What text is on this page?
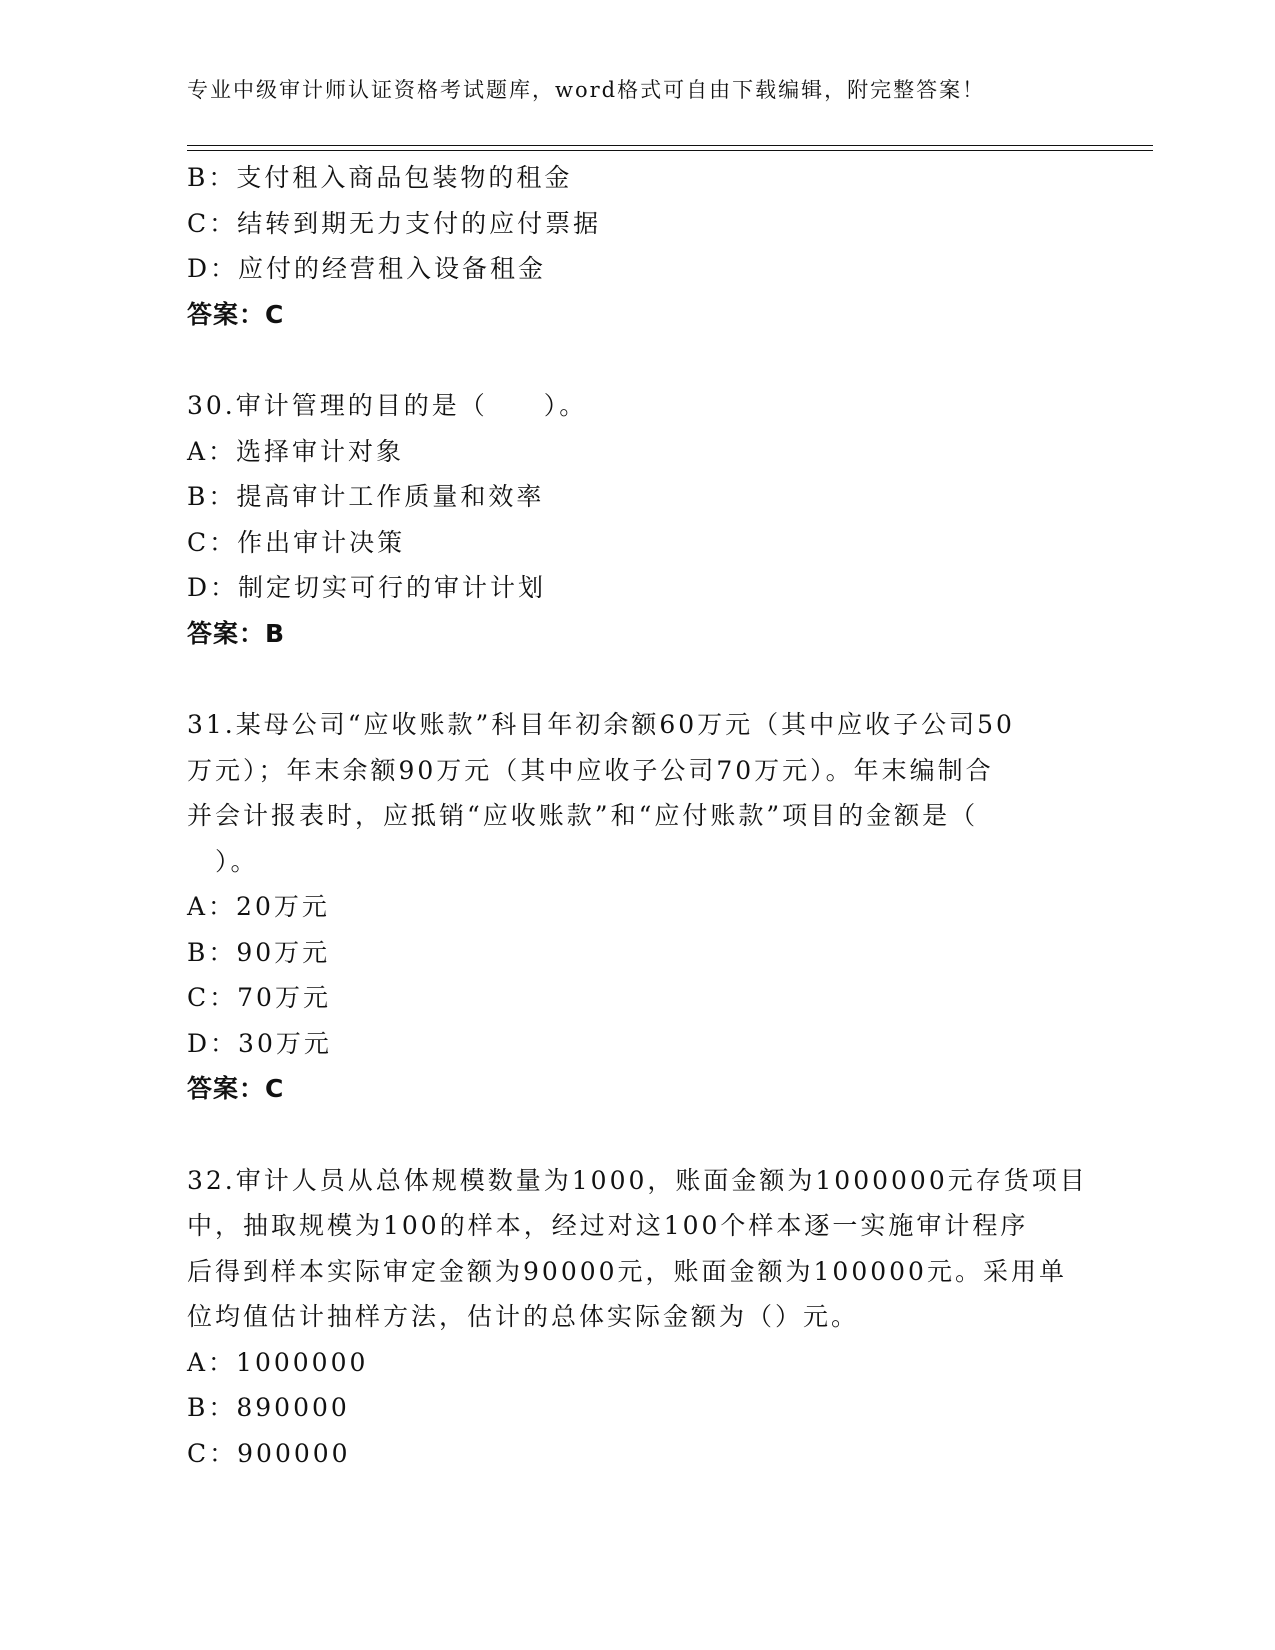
专业中级审计师认证资格考试题库，word格式可自由下载编辑，附完整答案！
B：支付租入商品包装物的租金
C：结转到期无力支付的应付票据
D：应付的经营租入设备租金
答案：C
30.审计管理的目的是（　　）。
A：选择审计对象
B：提高审计工作质量和效率
C：作出审计决策
D：制定切实可行的审计计划
答案：B
31.某母公司“应收账款”科目年初余额60万元（其中应收子公司50
万元）；年末余额90万元（其中应收子公司70万元）。年末编制合
并会计报表时，应抵销“应收账款”和“应付账款”项目的金额是（
　）。
A：20万元
B：90万元
C：70万元
D：30万元
答案：C
32.审计人员从总体规模数量为1000，账面金额为1000000元存货项目
中，抽取规模为100的样本，经过对这100个样本逐一实施审计程序
后得到样本实际审定金额为90000元，账面金额为100000元。采用单
位均值估计抽样方法，估计的总体实际金额为（）元。
A：1000000
B：890000
C：900000
